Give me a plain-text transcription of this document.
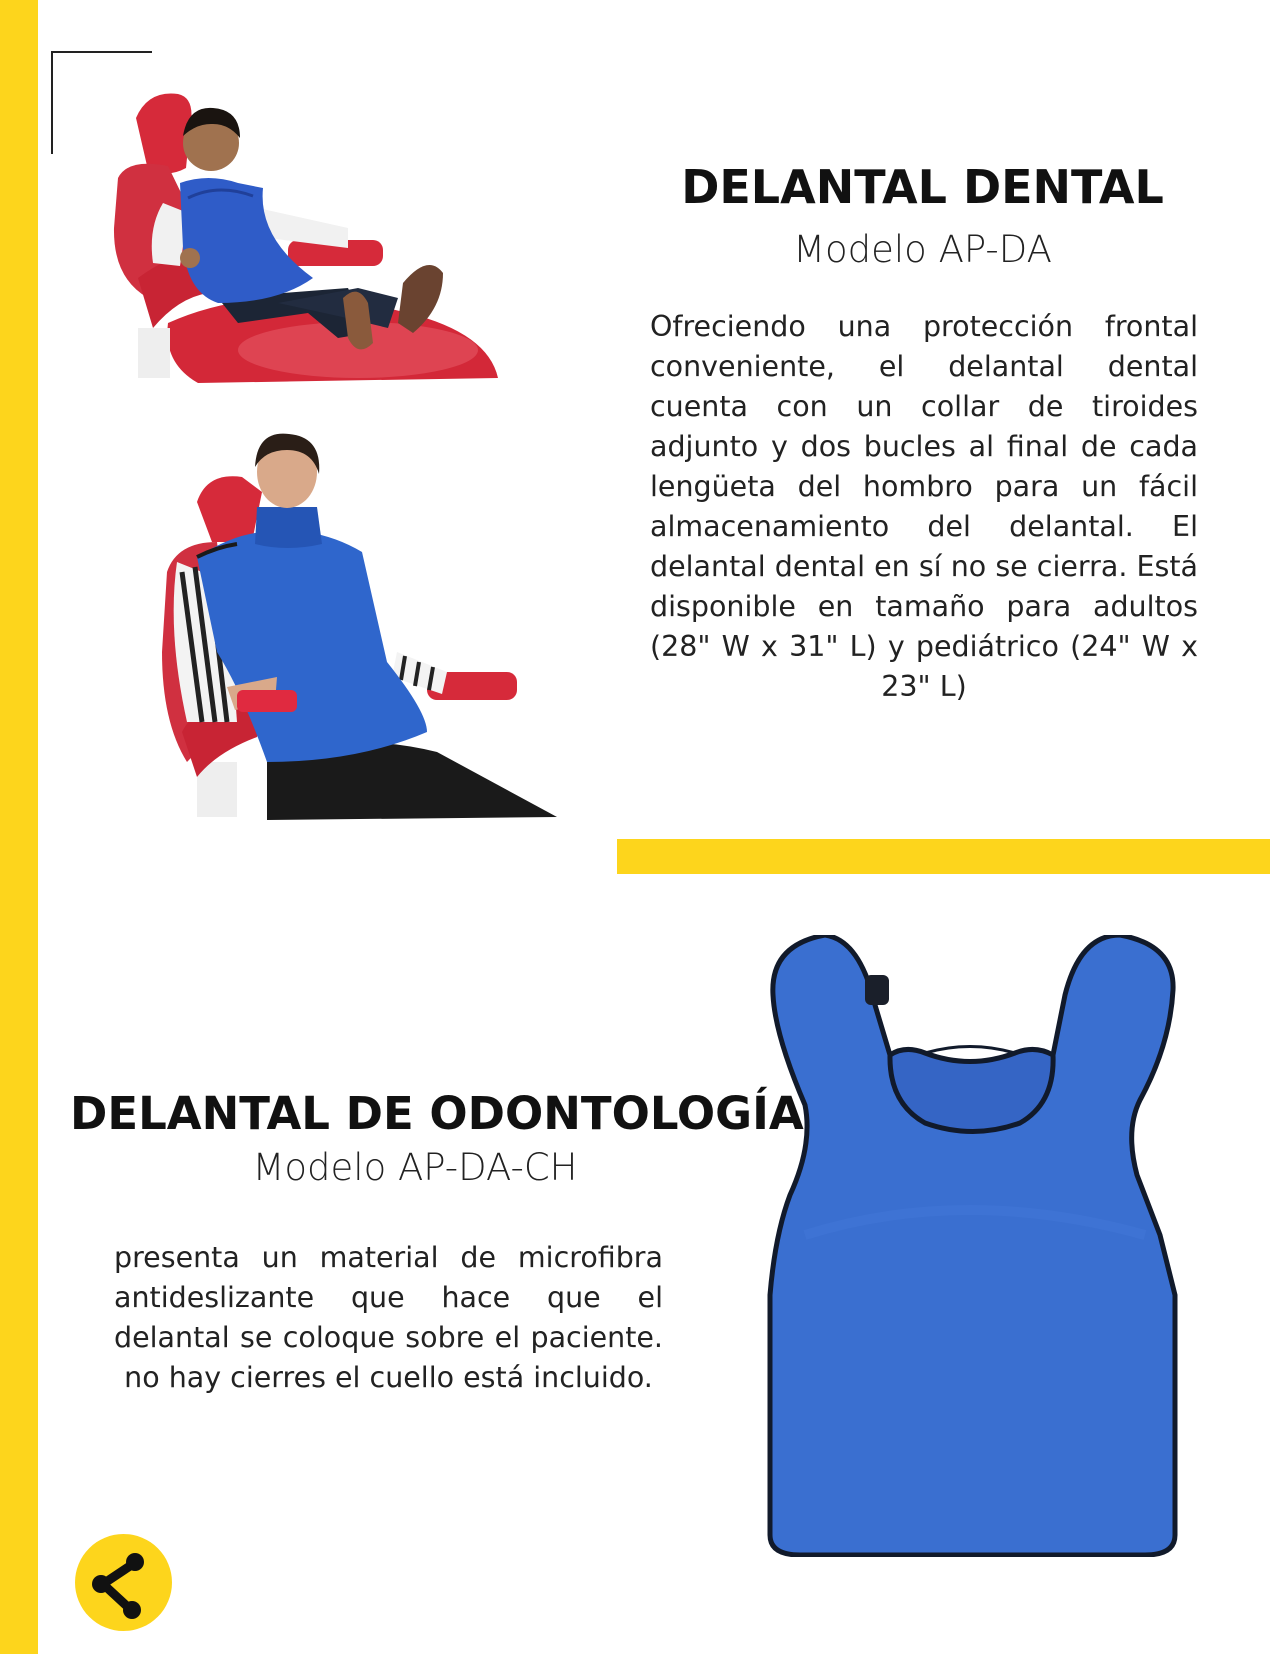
DELANTAL DENTAL
Modelo AP-DA
Ofreciendo una protección frontal conveniente, el delantal dental cuenta con un collar de tiroides adjunto y dos bucles al final de cada lengüeta del hombro para un fácil almacenamiento del delantal. El delantal dental en sí no se cierra. Está disponible en tamaño para adultos (28" W x 31" L) y pediátrico (24" W x 23" L)
DELANTAL DE ODONTOLOGÍA
Modelo AP-DA-CH
presenta un material de microfibra antideslizante que hace que el delantal se coloque sobre el paciente. no hay cierres el cuello está incluido.
